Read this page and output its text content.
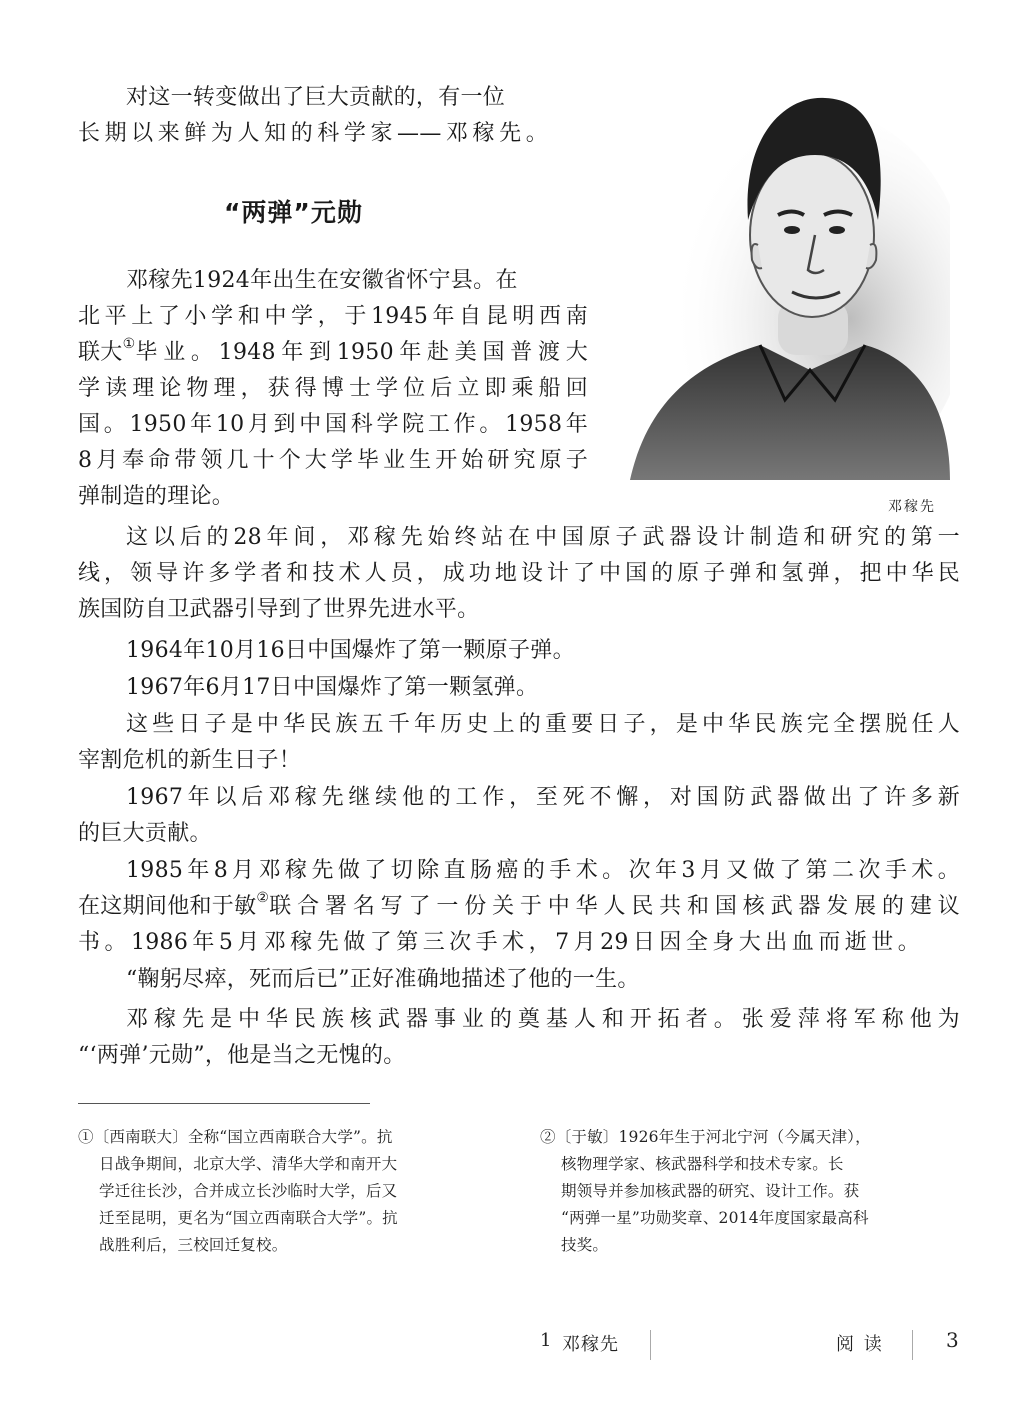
对这一转变做出了巨大贡献的，有一位
长期以来鲜为人知的科学家——邓稼先。
“两弹”元勋
邓稼先
邓稼先1924年出生在安徽省怀宁县。在
北平上了小学和中学，于1945年自昆明西南
联大 ① 毕业。1948年到1950年赴美国普渡大
学读理论物理，获得博士学位后立即乘船回
国。1950年10月到中国科学院工作。1958年
8月奉命带领几十个大学毕业生开始研究原子
弹制造的理论。
这以后的28年间，邓稼先始终站在中国原子武器设计制造和研究的第一
线，领导许多学者和技术人员，成功地设计了中国的原子弹和氢弹，把中华民
族国防自卫武器引导到了世界先进水平。
1964年10月16日中国爆炸了第一颗原子弹。
1967年6月17日中国爆炸了第一颗氢弹。
这些日子是中华民族五千年历史上的重要日子，是中华民族完全摆脱任人
宰割危机的新生日子！
1967年以后邓稼先继续他的工作，至死不懈，对国防武器做出了许多新
的巨大贡献。
1985年8月邓稼先做了切除直肠癌的手术。次年3月又做了第二次手术。
在这期间他和于敏 ② 联合署名写了一份关于中华人民共和国核武器发展的建议
书。1986年5月邓稼先做了第三次手术，7月29日因全身大出血而逝世。
“鞠躬尽瘁，死而后已”正好准确地描述了他的一生。
邓稼先是中华民族核武器事业的奠基人和开拓者。张爱萍将军称他为
“‘两弹’元勋”，他是当之无愧的。
①〔西南联大〕全称“国立西南联合大学”。抗
日战争期间，北京大学、清华大学和南开大
学迁往长沙，合并成立长沙临时大学，后又
迁至昆明，更名为“国立西南联合大学”。抗
战胜利后，三校回迁复校。
②〔于敏〕1926年生于河北宁河（今属天津），
核物理学家、核武器科学和技术专家。长
期领导并参加核武器的研究、设计工作。获
“两弹一星”功勋奖章、2014年度国家最高科
技奖。
1 邓稼先	阅 读	3
